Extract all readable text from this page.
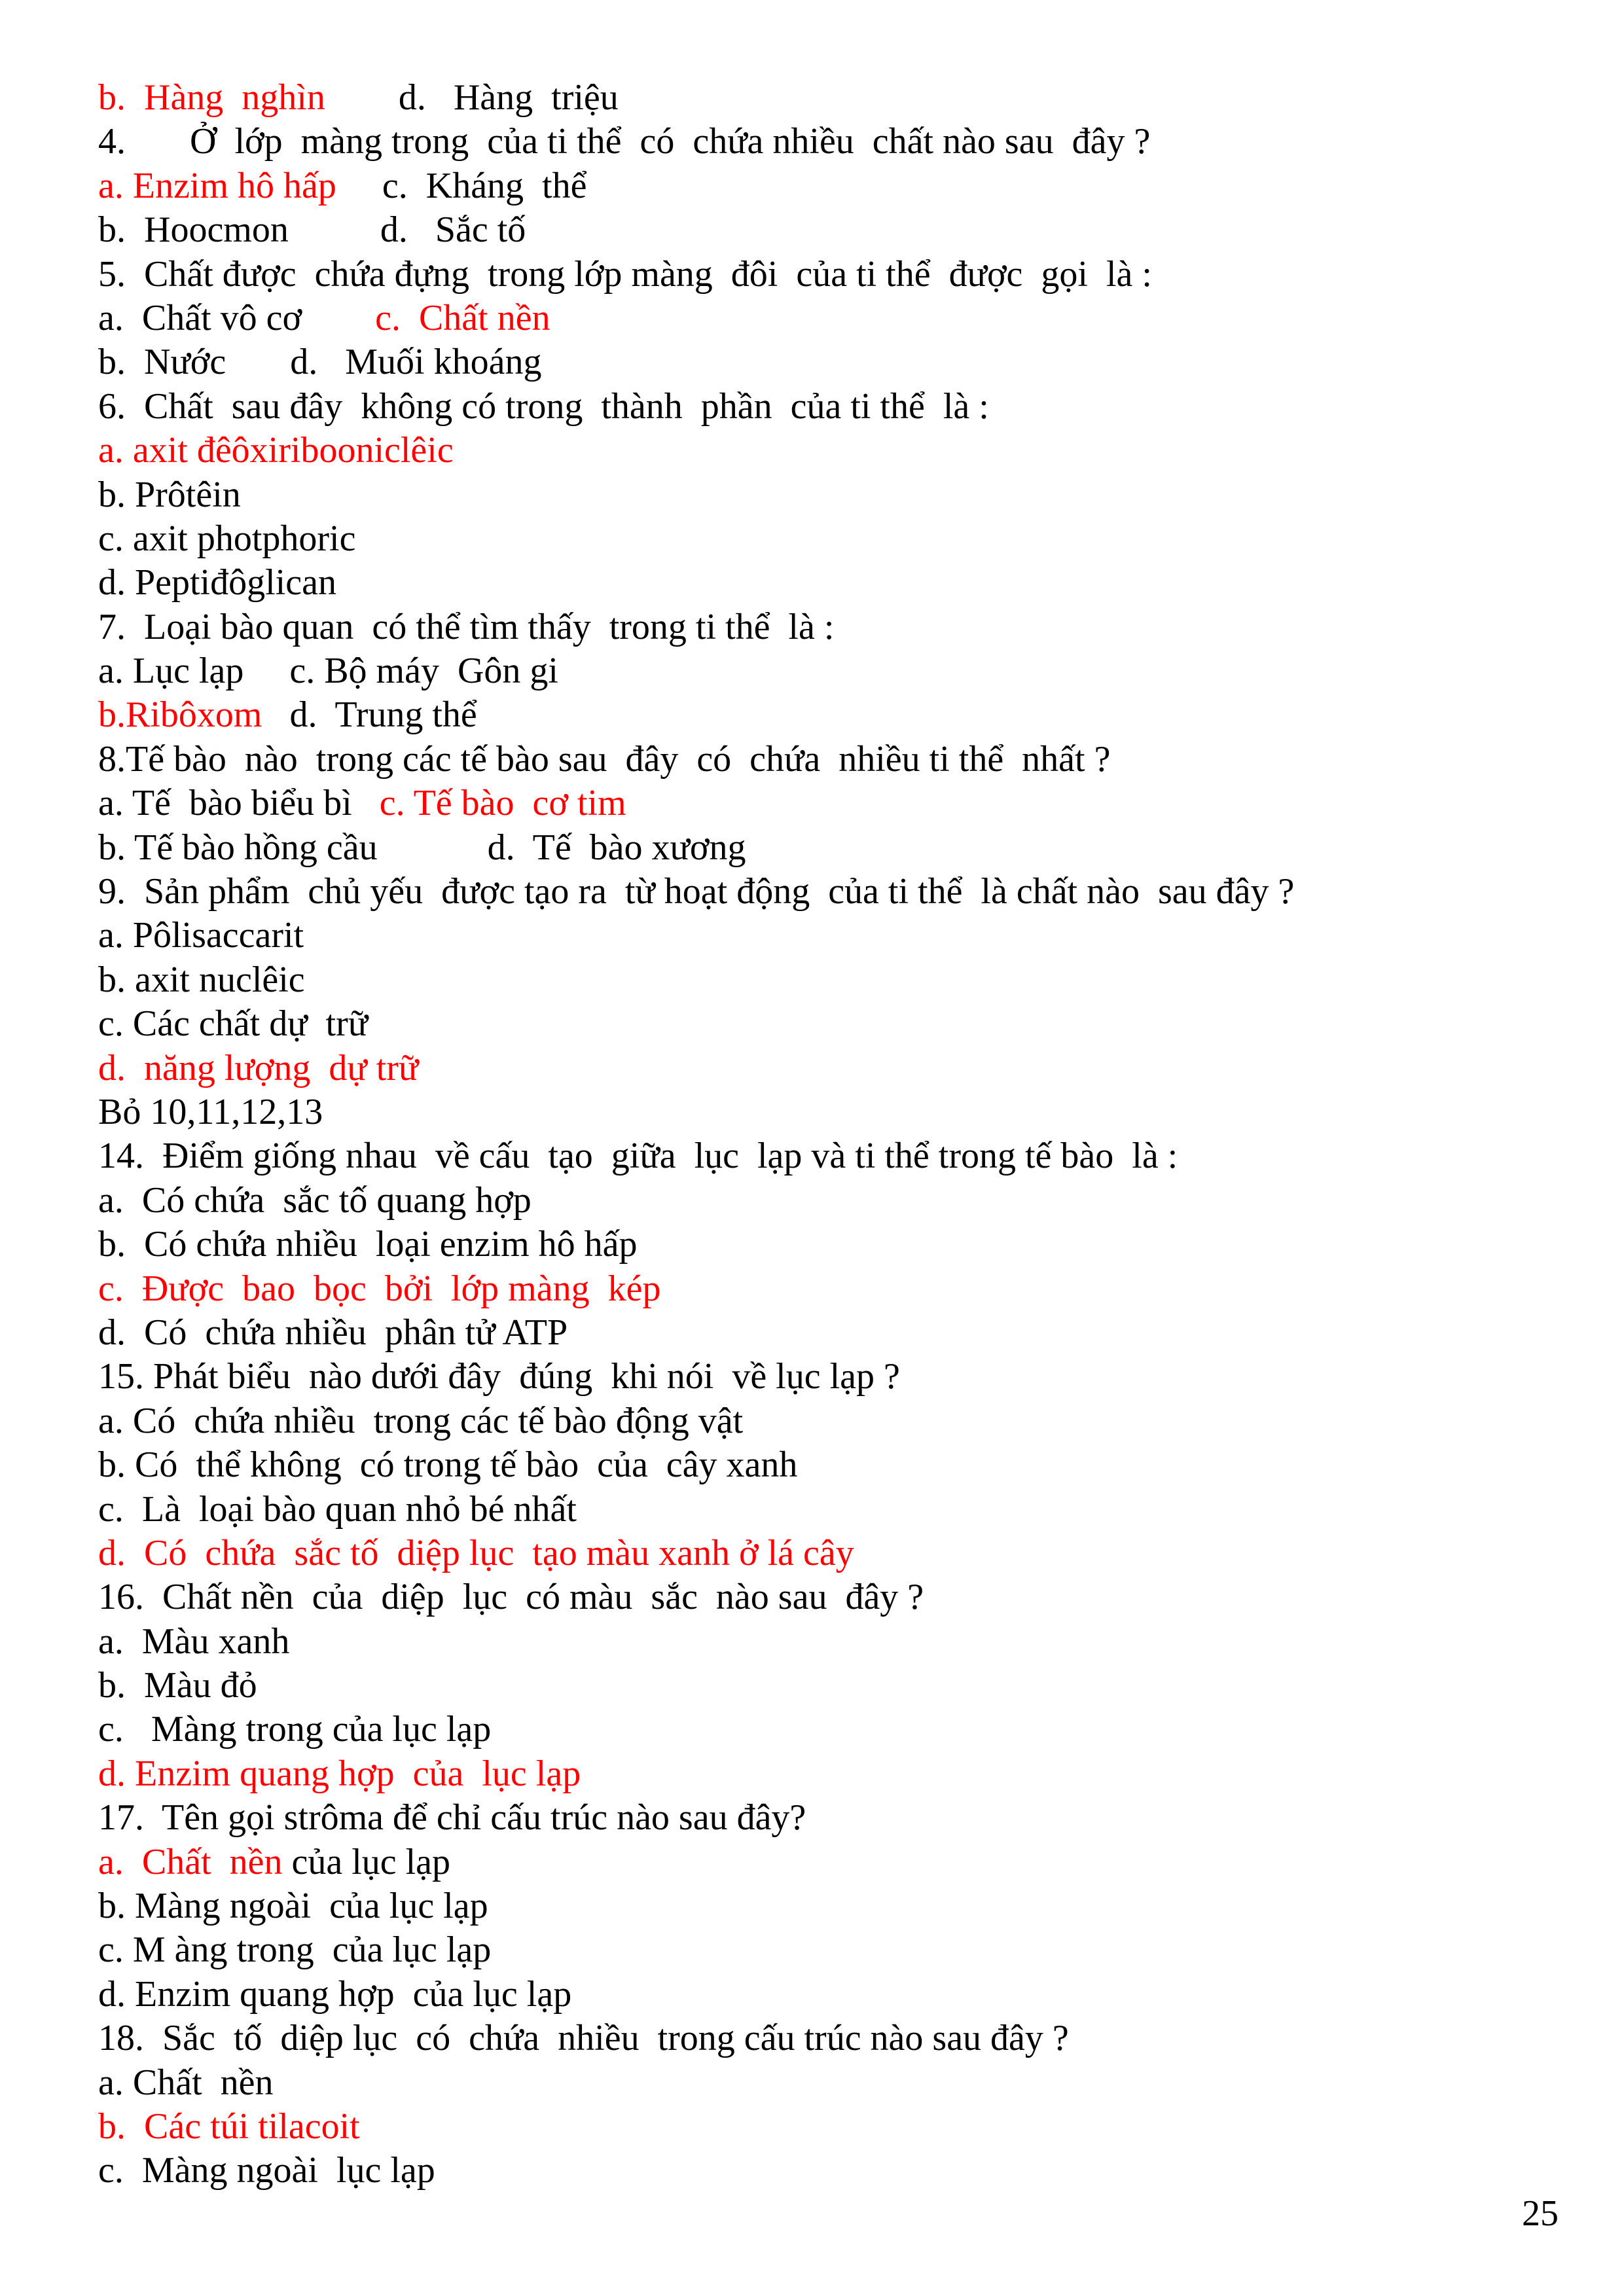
b.  Hàng  nghìn        d.   Hàng  triệu
4.       Ở  lớp  màng trong  của ti thể  có  chứa nhiều  chất nào sau  đây ?
a. Enzim hô hấp     c.  Kháng  thể
b.  Hoocmon          d.   Sắc tố
5.  Chất được  chứa đựng  trong lớp màng  đôi  của ti thể  được  gọi  là :
a.  Chất vô cơ        c.  Chất nền
b.  Nước       d.   Muối khoáng
6.  Chất  sau đây  không có trong  thành  phần  của ti thể  là :
a. axit đêôxiribooniclêic
b. Prôtêin
c. axit photphoric
d. Peptiđôglican
7.  Loại bào quan  có thể tìm thấy  trong ti thể  là :
a. Lục lạp     c. Bộ máy  Gôn gi
b.Ribôxom   d.  Trung thể
8.Tế bào  nào  trong các tế bào sau  đây  có  chứa  nhiều ti thể  nhất ?
a. Tế  bào biểu bì   c. Tế bào  cơ tim
b. Tế bào hồng cầu            d.  Tế  bào xương
9.  Sản phẩm  chủ yếu  được tạo ra  từ hoạt động  của ti thể  là chất nào  sau đây ?
a. Pôlisaccarit
b. axit nuclêic
c. Các chất dự  trữ
d.  năng lượng  dự trữ
Bỏ 10,11,12,13
14.  Điểm giống nhau  về cấu  tạo  giữa  lục  lạp và ti thể trong tế bào  là :
a.  Có chứa  sắc tố quang hợp
b.  Có chứa nhiều  loại enzim hô hấp
c.  Được  bao  bọc  bởi  lớp màng  kép
d.  Có  chứa nhiều  phân tử ATP
15. Phát biểu  nào dưới đây  đúng  khi nói  về lục lạp ?
a. Có  chứa nhiều  trong các tế bào động vật
b. Có  thể không  có trong tế bào  của  cây xanh
c.  Là  loại bào quan nhỏ bé nhất
d.  Có  chứa  sắc tố  diệp lục  tạo màu xanh ở lá cây
16.  Chất nền  của  diệp  lục  có màu  sắc  nào sau  đây ?
a.  Màu xanh
b.  Màu đỏ
c.   Màng trong của lục lạp
d. Enzim quang hợp  của  lục lạp
17.  Tên gọi strôma để chỉ cấu trúc nào sau đây?
a.  Chất  nền của lục lạp
b. Màng ngoài  của lục lạp
c. M àng trong  của lục lạp
d. Enzim quang hợp  của lục lạp
18.  Sắc  tố  diệp lục  có  chứa  nhiều  trong cấu trúc nào sau đây ?
a. Chất  nền
b.  Các túi tilacoit
c.  Màng ngoài  lục lạp
25
